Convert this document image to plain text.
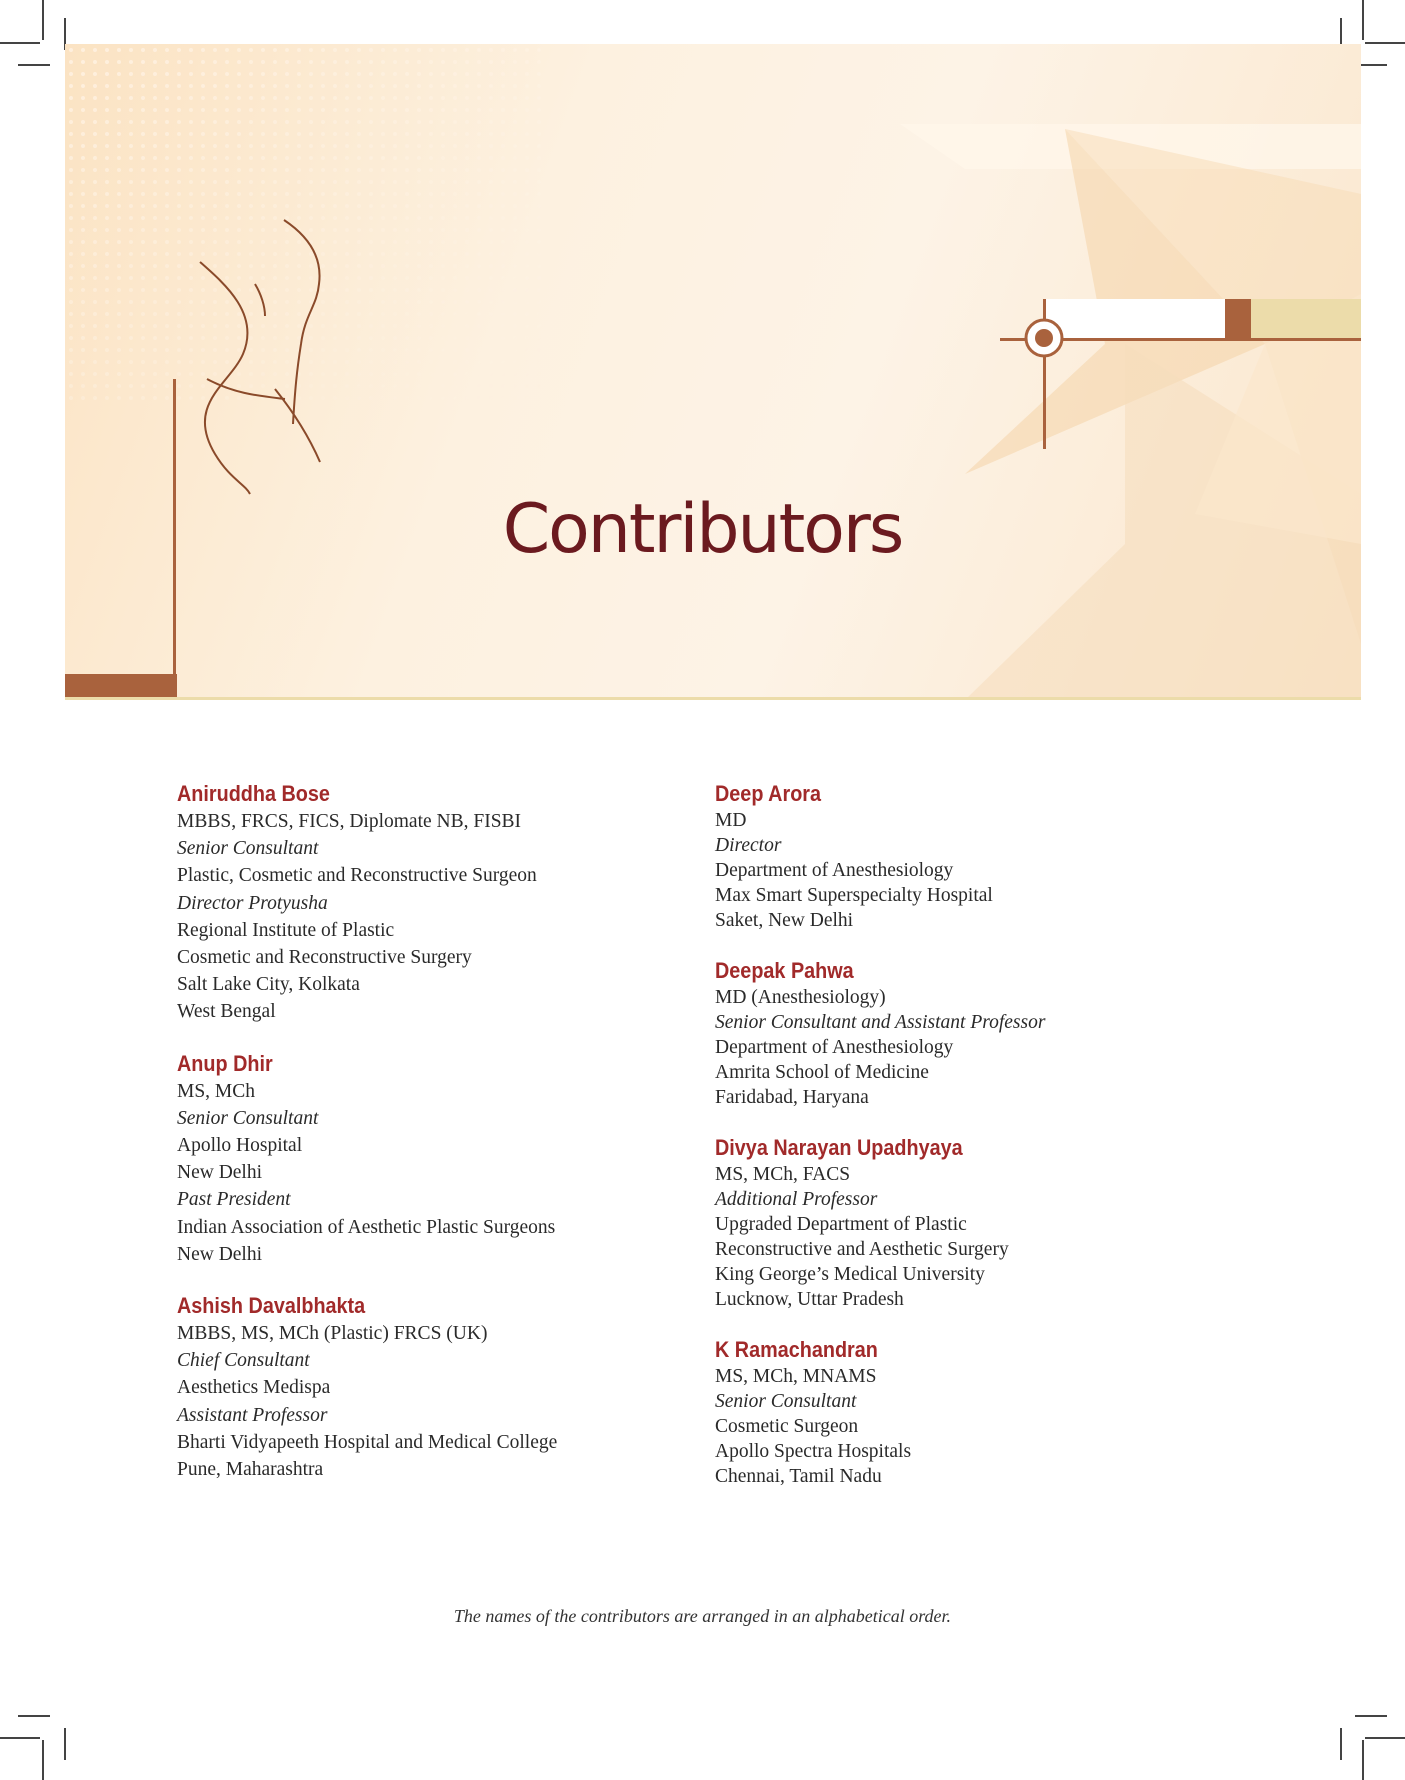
Contributors
Aniruddha Bose
MBBS, FRCS, FICS, Diplomate NB, FISBI
Senior Consultant
Plastic, Cosmetic and Reconstructive Surgeon
Director Protyusha
Regional Institute of Plastic
Cosmetic and Reconstructive Surgery
Salt Lake City, Kolkata
West Bengal
Anup Dhir
MS, MCh
Senior Consultant
Apollo Hospital
New Delhi
Past President
Indian Association of Aesthetic Plastic Surgeons
New Delhi
Ashish Davalbhakta
MBBS, MS, MCh (Plastic) FRCS (UK)
Chief Consultant
Aesthetics Medispa
Assistant Professor
Bharti Vidyapeeth Hospital and Medical College
Pune, Maharashtra
Deep Arora
MD
Director
Department of Anesthesiology
Max Smart Superspecialty Hospital
Saket, New Delhi
Deepak Pahwa
MD (Anesthesiology)
Senior Consultant and Assistant Professor
Department of Anesthesiology
Amrita School of Medicine
Faridabad, Haryana
Divya Narayan Upadhyaya
MS, MCh, FACS
Additional Professor
Upgraded Department of Plastic
Reconstructive and Aesthetic Surgery
King George’s Medical University
Lucknow, Uttar Pradesh
K Ramachandran
MS, MCh, MNAMS
Senior Consultant
Cosmetic Surgeon
Apollo Spectra Hospitals
Chennai, Tamil Nadu
The names of the contributors are arranged in an alphabetical order.
